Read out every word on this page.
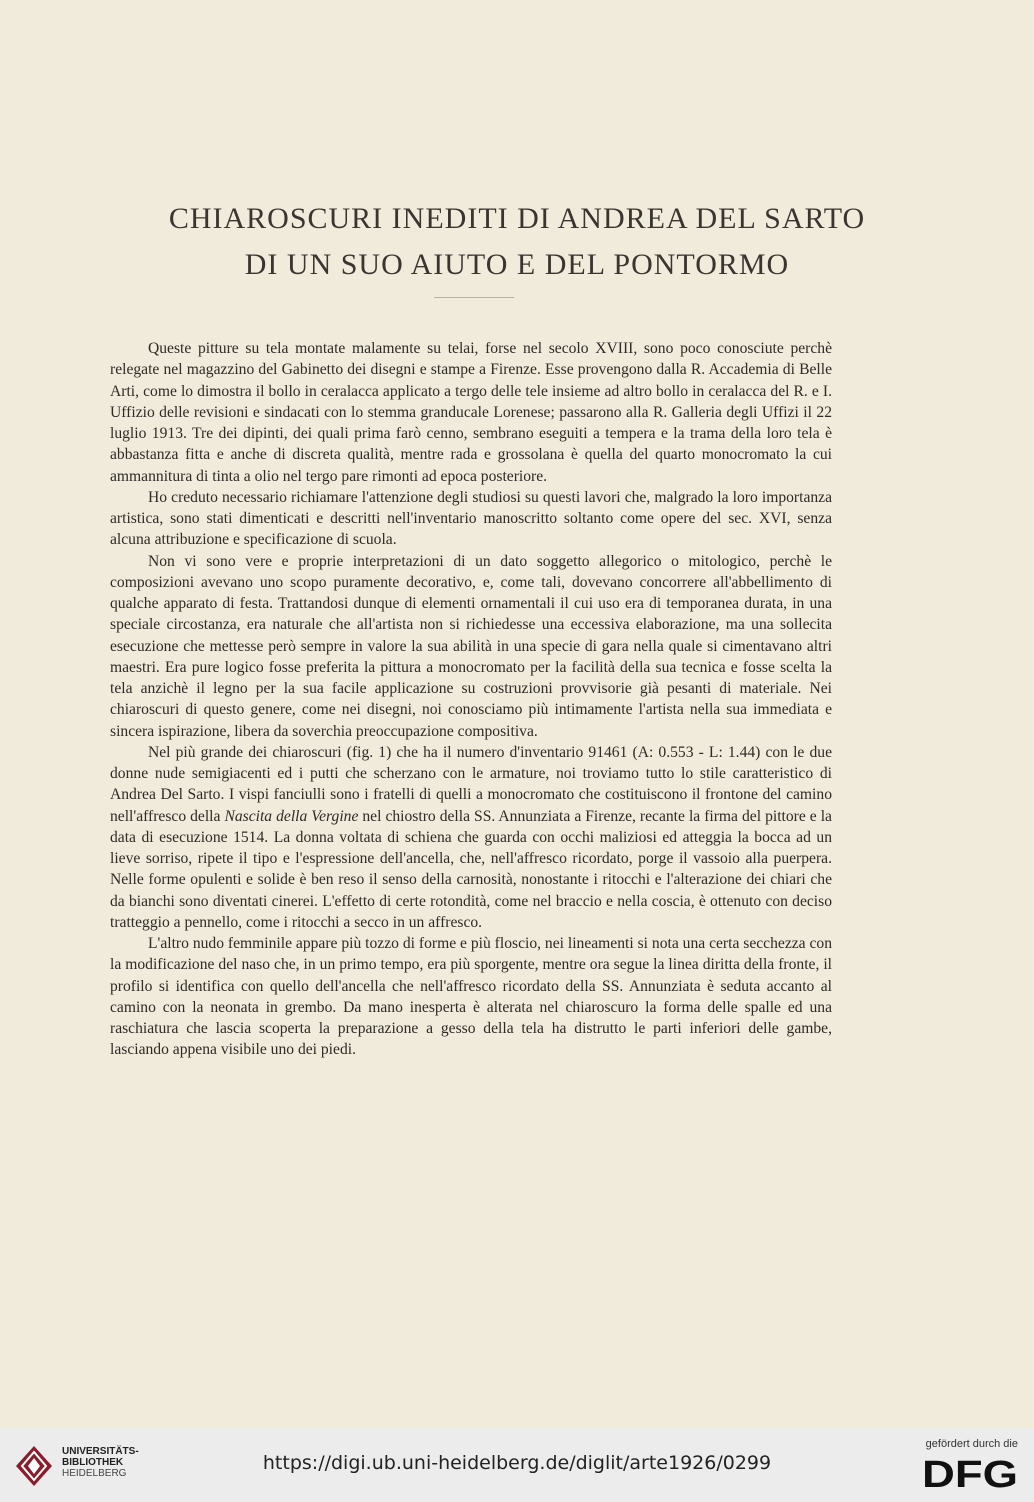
CHIAROSCURI INEDITI DI ANDREA DEL SARTO
DI UN SUO AIUTO E DEL PONTORMO

Queste pitture su tela montate malamente su telai, forse nel secolo XVIII, sono poco conosciute perchè relegate nel magazzino del Gabinetto dei disegni e stampe a Firenze. Esse provengono dalla R. Accademia di Belle Arti, come lo dimostra il bollo in ceralacca applicato a tergo delle tele insieme ad altro bollo in ceralacca del R. e I. Uffizio delle revisioni e sindacati con lo stemma granducale Lorenese; passarono alla R. Galleria degli Uffizi il 22 luglio 1913. Tre dei dipinti, dei quali prima farò cenno, sembrano eseguiti a tempera e la trama della loro tela è abbastanza fitta e anche di discreta qualità, mentre rada e grossolana è quella del quarto monocromato la cui ammannitura di tinta a olio nel tergo pare rimonti ad epoca posteriore.

Ho creduto necessario richiamare l'attenzione degli studiosi su questi lavori che, malgrado la loro importanza artistica, sono stati dimenticati e descritti nell'inventario manoscritto soltanto come opere del sec. XVI, senza alcuna attribuzione e specificazione di scuola.

Non vi sono vere e proprie interpretazioni di un dato soggetto allegorico o mitologico, perchè le composizioni avevano uno scopo puramente decorativo, e, come tali, dovevano concorrere all'abbellimento di qualche apparato di festa. Trattandosi dunque di elementi ornamentali il cui uso era di temporanea durata, in una speciale circostanza, era naturale che all'artista non si richiedesse una eccessiva elaborazione, ma una sollecita esecuzione che mettesse però sempre in valore la sua abilità in una specie di gara nella quale si cimentavano altri maestri. Era pure logico fosse preferita la pittura a monocromato per la facilità della sua tecnica e fosse scelta la tela anzichè il legno per la sua facile applicazione su costruzioni provvisorie già pesanti di materiale. Nei chiaroscuri di questo genere, come nei disegni, noi conosciamo più intimamente l'artista nella sua immediata e sincera ispirazione, libera da soverchia preoccupazione compositiva.

Nel più grande dei chiaroscuri (fig. 1) che ha il numero d'inventario 91461 (A: 0.553 - L: 1.44) con le due donne nude semigiacenti ed i putti che scherzano con le armature, noi troviamo tutto lo stile caratteristico di Andrea Del Sarto. I vispi fanciulli sono i fratelli di quelli a monocromato che costituiscono il frontone del camino nell'affresco della Nascita della Vergine nel chiostro della SS. Annunziata a Firenze, recante la firma del pittore e la data di esecuzione 1514. La donna voltata di schiena che guarda con occhi maliziosi ed atteggia la bocca ad un lieve sorriso, ripete il tipo e l'espressione dell'ancella, che, nell'affresco ricordato, porge il vassoio alla puerpera. Nelle forme opulenti e solide è ben reso il senso della carnosità, nonostante i ritocchi e l'alterazione dei chiari che da bianchi sono diventati cinerei. L'effetto di certe rotondità, come nel braccio e nella coscia, è ottenuto con deciso tratteggio a pennello, come i ritocchi a secco in un affresco.

L'altro nudo femminile appare più tozzo di forme e più floscio, nei lineamenti si nota una certa secchezza con la modificazione del naso che, in un primo tempo, era più sporgente, mentre ora segue la linea diritta della fronte, il profilo si identifica con quello dell'ancella che nell'affresco ricordato della SS. Annunziata è seduta accanto al camino con la neonata in grembo. Da mano inesperta è alterata nel chiaroscuro la forma delle spalle ed una raschiatura che lascia scoperta la preparazione a gesso della tela ha distrutto le parti inferiori delle gambe, lasciando appena visibile uno dei piedi.

UNIVERSITÄTS-
BIBLIOTHEK
HEIDELBERG	https://digi.ub.uni-heidelberg.de/diglit/arte1926/0299
gefördert durch die
DFG
